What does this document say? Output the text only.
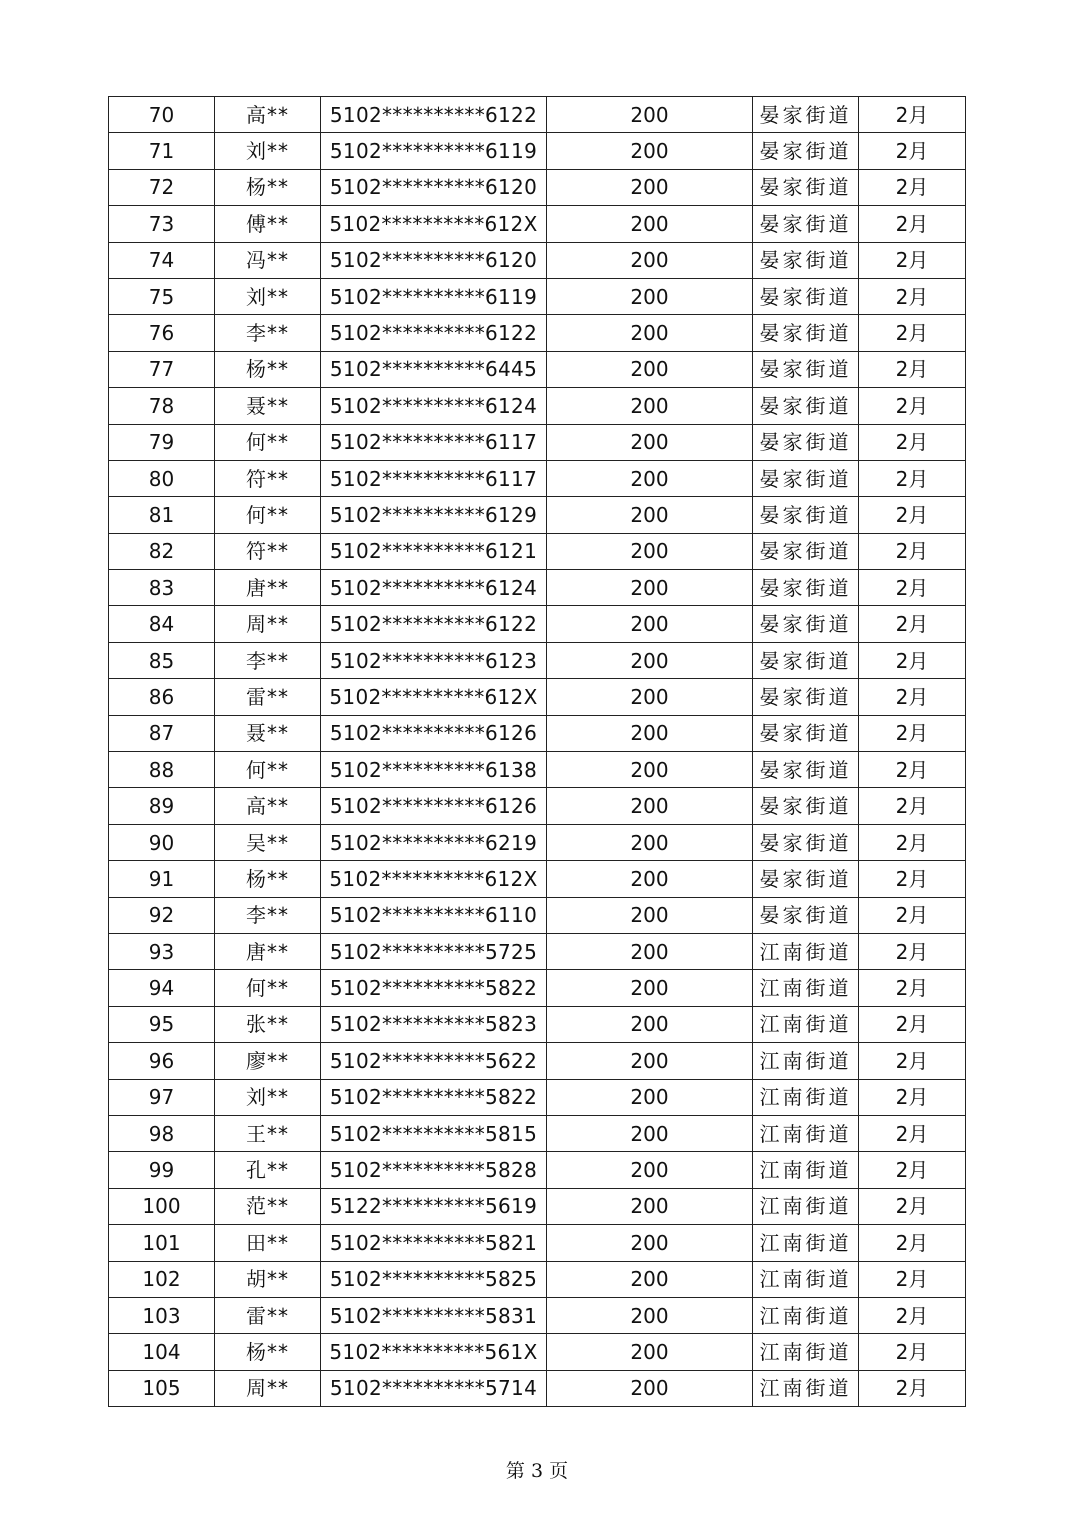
70	高**	5102**********6122	200	晏家街道	2月
71	刘**	5102**********6119	200	晏家街道	2月
72	杨**	5102**********6120	200	晏家街道	2月
73	傅**	5102**********612X	200	晏家街道	2月
74	冯**	5102**********6120	200	晏家街道	2月
75	刘**	5102**********6119	200	晏家街道	2月
76	李**	5102**********6122	200	晏家街道	2月
77	杨**	5102**********6445	200	晏家街道	2月
78	聂**	5102**********6124	200	晏家街道	2月
79	何**	5102**********6117	200	晏家街道	2月
80	符**	5102**********6117	200	晏家街道	2月
81	何**	5102**********6129	200	晏家街道	2月
82	符**	5102**********6121	200	晏家街道	2月
83	唐**	5102**********6124	200	晏家街道	2月
84	周**	5102**********6122	200	晏家街道	2月
85	李**	5102**********6123	200	晏家街道	2月
86	雷**	5102**********612X	200	晏家街道	2月
87	聂**	5102**********6126	200	晏家街道	2月
88	何**	5102**********6138	200	晏家街道	2月
89	高**	5102**********6126	200	晏家街道	2月
90	吴**	5102**********6219	200	晏家街道	2月
91	杨**	5102**********612X	200	晏家街道	2月
92	李**	5102**********6110	200	晏家街道	2月
93	唐**	5102**********5725	200	江南街道	2月
94	何**	5102**********5822	200	江南街道	2月
95	张**	5102**********5823	200	江南街道	2月
96	廖**	5102**********5622	200	江南街道	2月
97	刘**	5102**********5822	200	江南街道	2月
98	王**	5102**********5815	200	江南街道	2月
99	孔**	5102**********5828	200	江南街道	2月
100	范**	5122**********5619	200	江南街道	2月
101	田**	5102**********5821	200	江南街道	2月
102	胡**	5102**********5825	200	江南街道	2月
103	雷**	5102**********5831	200	江南街道	2月
104	杨**	5102**********561X	200	江南街道	2月
105	周**	5102**********5714	200	江南街道	2月
第 3 页
